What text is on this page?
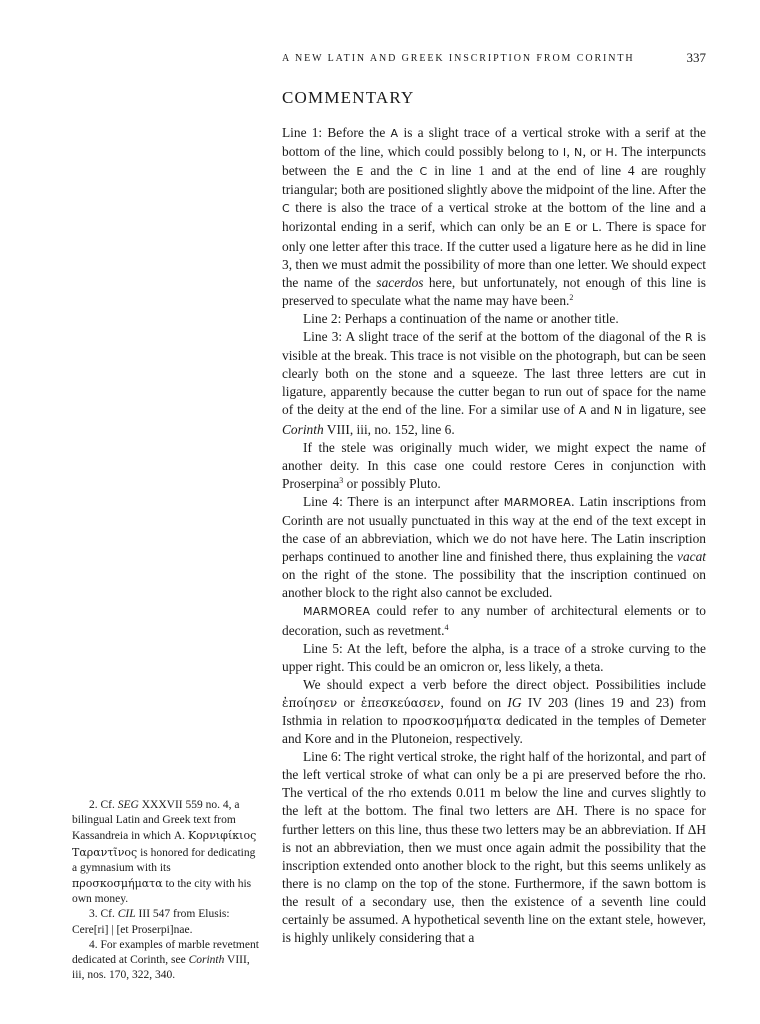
A NEW LATIN AND GREEK INSCRIPTION FROM CORINTH	337
COMMENTARY

Line 1: Before the A is a slight trace of a vertical stroke with a serif at the bottom of the line, which could possibly belong to I, N, or H. The interpuncts between the E and the C in line 1 and at the end of line 4 are roughly triangular; both are positioned slightly above the midpoint of the line. After the C there is also the trace of a vertical stroke at the bottom of the line and a horizontal ending in a serif, which can only be an E or L. There is space for only one letter after this trace. If the cutter used a ligature here as he did in line 3, then we must admit the possibility of more than one letter. We should expect the name of the sacerdos here, but unfortunately, not enough of this line is preserved to speculate what the name may have been.$^2$

Line 2: Perhaps a continuation of the name or another title.

Line 3: A slight trace of the serif at the bottom of the diagonal of the R is visible at the break. This trace is not visible on the photograph, but can be seen clearly both on the stone and a squeeze. The last three letters are cut in ligature, apparently because the cutter began to run out of space for the name of the deity at the end of the line. For a similar use of A and N in ligature, see Corinth VIII, iii, no. 152, line 6.

If the stele was originally much wider, we might expect the name of another deity. In this case one could restore Ceres in conjunction with Proserpina$^3$ or possibly Pluto.

Line 4: There is an interpunct after MARMOREA. Latin inscriptions from Corinth are not usually punctuated in this way at the end of the text except in the case of an abbreviation, which we do not have here. The Latin inscription perhaps continued to another line and finished there, thus explaining the vacat on the right of the stone. The possibility that the inscription continued on another block to the right also cannot be excluded.

MARMOREA could refer to any number of architectural elements or to decoration, such as revetment.$^4$

Line 5: At the left, before the alpha, is a trace of a stroke curving to the upper right. This could be an omicron or, less likely, a theta.

We should expect a verb before the direct object. Possibilities include ἐποίησεν or ἐπεσκεύασεν, found on IG IV 203 (lines 19 and 23) from Isthmia in relation to προσκοσμήματα dedicated in the temples of Demeter and Kore and in the Plutoneion, respectively.

Line 6: The right vertical stroke, the right half of the horizontal, and part of the left vertical stroke of what can only be a pi are preserved before the rho. The vertical of the rho extends 0.011 m below the line and curves slightly to the left at the bottom. The final two letters are ΔΗ. There is no space for further letters on this line, thus these two letters may be an abbreviation. If ΔΗ is not an abbreviation, then we must once again admit the possibility that the inscription extended onto another block to the right, but this seems unlikely as there is no clamp on the top of the stone. Furthermore, if the sawn bottom is the result of a secondary use, then the existence of a seventh line could certainly be assumed. A hypothetical seventh line on the extant stele, however, is highly unlikely considering that a

2. Cf. SEG XXXVII 559 no. 4, a bilingual Latin and Greek text from Kassandreia in which Α. Κορνιφίκιος Ταραντῖνος is honored for dedicating a gymnasium with its προσκοσμήματα to the city with his own money.

3. Cf. CIL III 547 from Elusis: Cere[ri] | [et Proserpi]nae.

4. For examples of marble revetment dedicated at Corinth, see Corinth VIII, iii, nos. 170, 322, 340.
